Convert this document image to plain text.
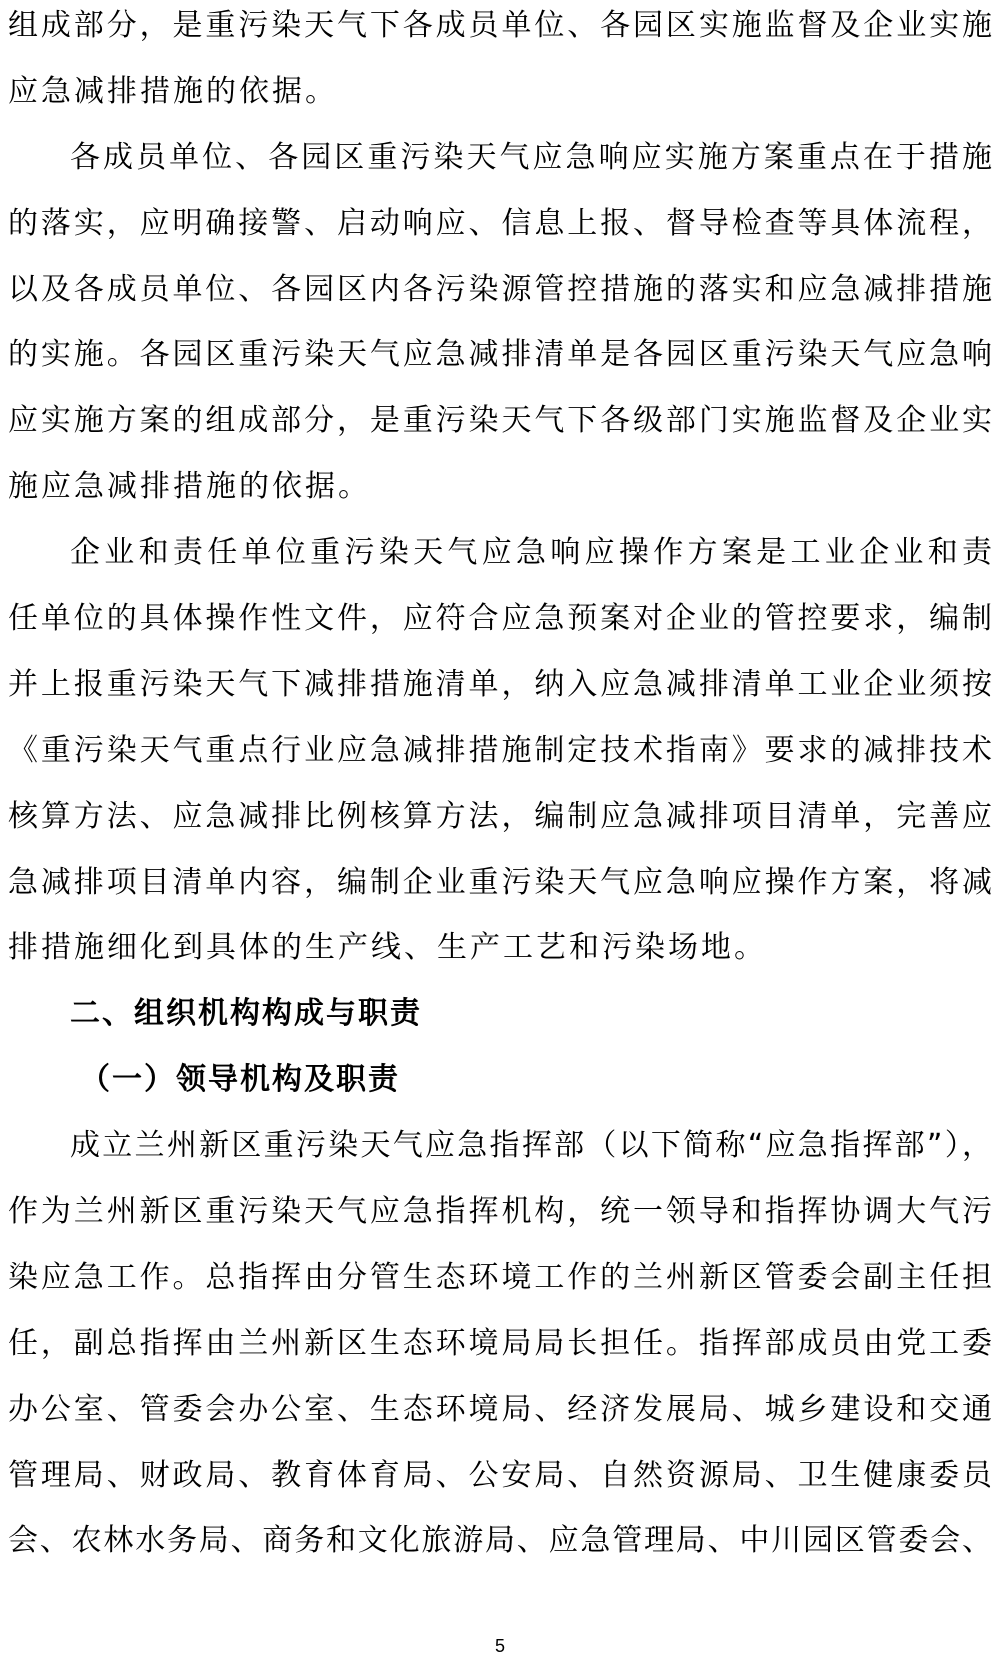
组成部分，是重污染天气下各成员单位、各园区实施监督及企业实施
应急减排措施的依据。
各成员单位、各园区重污染天气应急响应实施方案重点在于措施
的落实，应明确接警、启动响应、信息上报、督导检查等具体流程，
以及各成员单位、各园区内各污染源管控措施的落实和应急减排措施
的实施。各园区重污染天气应急减排清单是各园区重污染天气应急响
应实施方案的组成部分，是重污染天气下各级部门实施监督及企业实
施应急减排措施的依据。
企业和责任单位重污染天气应急响应操作方案是工业企业和责
任单位的具体操作性文件，应符合应急预案对企业的管控要求，编制
并上报重污染天气下减排措施清单，纳入应急减排清单工业企业须按
《重污染天气重点行业应急减排措施制定技术指南》要求的减排技术
核算方法、应急减排比例核算方法，编制应急减排项目清单，完善应
急减排项目清单内容，编制企业重污染天气应急响应操作方案，将减
排措施细化到具体的生产线、生产工艺和污染场地。
二、组织机构构成与职责
（一）领导机构及职责
成立兰州新区重污染天气应急指挥部（以下简称“应急指挥部”），
作为兰州新区重污染天气应急指挥机构，统一领导和指挥协调大气污
染应急工作。总指挥由分管生态环境工作的兰州新区管委会副主任担
任，副总指挥由兰州新区生态环境局局长担任。指挥部成员由党工委
办公室、管委会办公室、生态环境局、经济发展局、城乡建设和交通
管理局、财政局、教育体育局、公安局、自然资源局、卫生健康委员
会、农林水务局、商务和文化旅游局、应急管理局、中川园区管委会、
5
